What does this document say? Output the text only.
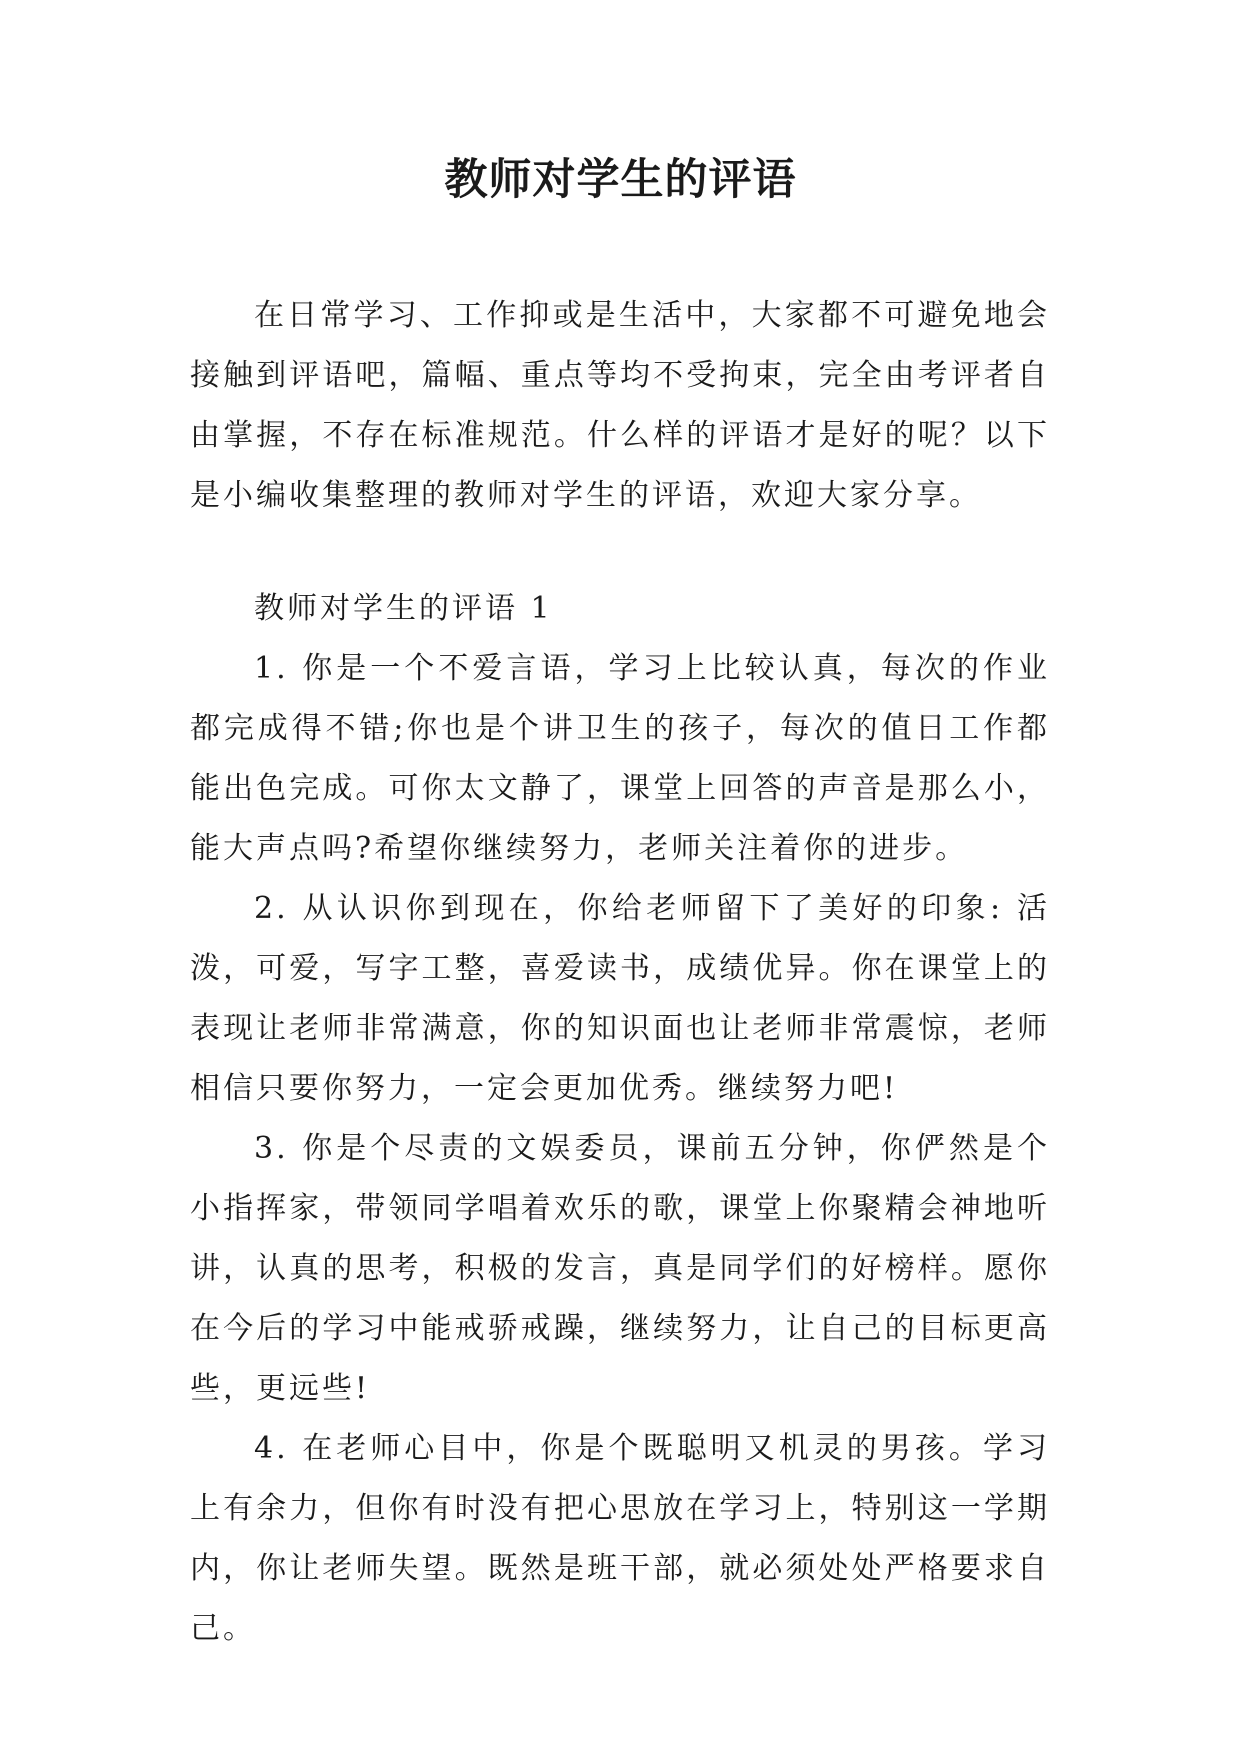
教师对学生的评语

在日常学习、工作抑或是生活中，大家都不可避免地会接触到评语吧，篇幅、重点等均不受拘束，完全由考评者自由掌握，不存在标准规范。什么样的评语才是好的呢？以下是小编收集整理的教师对学生的评语，欢迎大家分享。

教师对学生的评语 1

1. 你是一个不爱言语，学习上比较认真，每次的作业都完成得不错;你也是个讲卫生的孩子，每次的值日工作都能出色完成。可你太文静了，课堂上回答的声音是那么小，能大声点吗?希望你继续努力，老师关注着你的进步。

2. 从认识你到现在，你给老师留下了美好的印象: 活泼，可爱，写字工整，喜爱读书，成绩优异。你在课堂上的表现让老师非常满意，你的知识面也让老师非常震惊，老师相信只要你努力，一定会更加优秀。继续努力吧!

3. 你是个尽责的文娱委员，课前五分钟，你俨然是个小指挥家，带领同学唱着欢乐的歌，课堂上你聚精会神地听讲，认真的思考，积极的发言，真是同学们的好榜样。愿你在今后的学习中能戒骄戒躁，继续努力，让自己的目标更高些，更远些!

4. 在老师心目中，你是个既聪明又机灵的男孩。学习上有余力，但你有时没有把心思放在学习上，特别这一学期内，你让老师失望。既然是班干部，就必须处处严格要求自己。
